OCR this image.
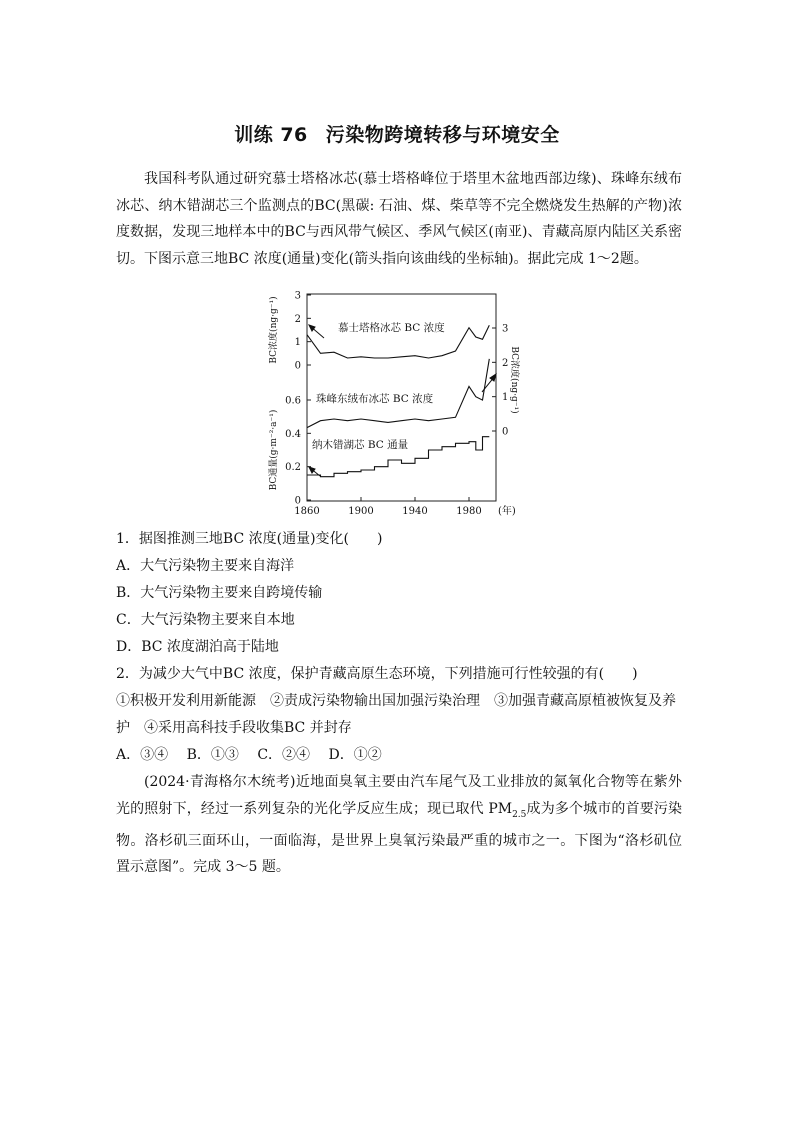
训练 76 污染物跨境转移与环境安全
我国科考队通过研究慕士塔格冰芯(慕士塔格峰位于塔里木盆地西部边缘)、珠峰东绒布冰芯、纳木错湖芯三个监测点的BC(黑碳: 石油、煤、柴草等不完全燃烧发生热解的产物)浓度数据，发现三地样本中的BC与西风带气候区、季风气候区(南亚)、青藏高原内陆区关系密切。下图示意三地BC 浓度(通量)变化(箭头指向该曲线的坐标轴)。据此完成 1～2题。
1860	1900	1940	1980 (年)
0
1
2
3
0
0.2
0.4
0.6
0
1
2
3
慕士塔格冰芯 BC 浓度
珠峰东绒布冰芯 BC 浓度
纳木错湖芯 BC 通量
BC浓度(ng·g⁻¹)
BC通量(g·m⁻²·a⁻¹)
BC浓度(ng·g⁻¹)
1．据图推测三地BC 浓度(通量)变化(　　)
A．大气污染物主要来自海洋
B．大气污染物主要来自跨境传输
C．大气污染物主要来自本地
D．BC 浓度湖泊高于陆地
2．为减少大气中BC 浓度，保护青藏高原生态环境，下列措施可行性较强的有(　　)
①积极开发利用新能源　②责成污染物输出国加强污染治理　③加强青藏高原植被恢复及养
护　④采用高科技手段收集BC 并封存
A．③④ B．①③ C．②④ D．①②
(2024·青海格尔木统考)近地面臭氧主要由汽车尾气及工业排放的氮氧化合物等在紫外光的照射下，经过一系列复杂的光化学反应生成；现已取代 $PM_{2.5}$成为多个城市的首要污染物。洛杉矶三面环山，一面临海，是世界上臭氧污染最严重的城市之一。下图为“洛杉矶位置示意图”。完成 3～5 题。
